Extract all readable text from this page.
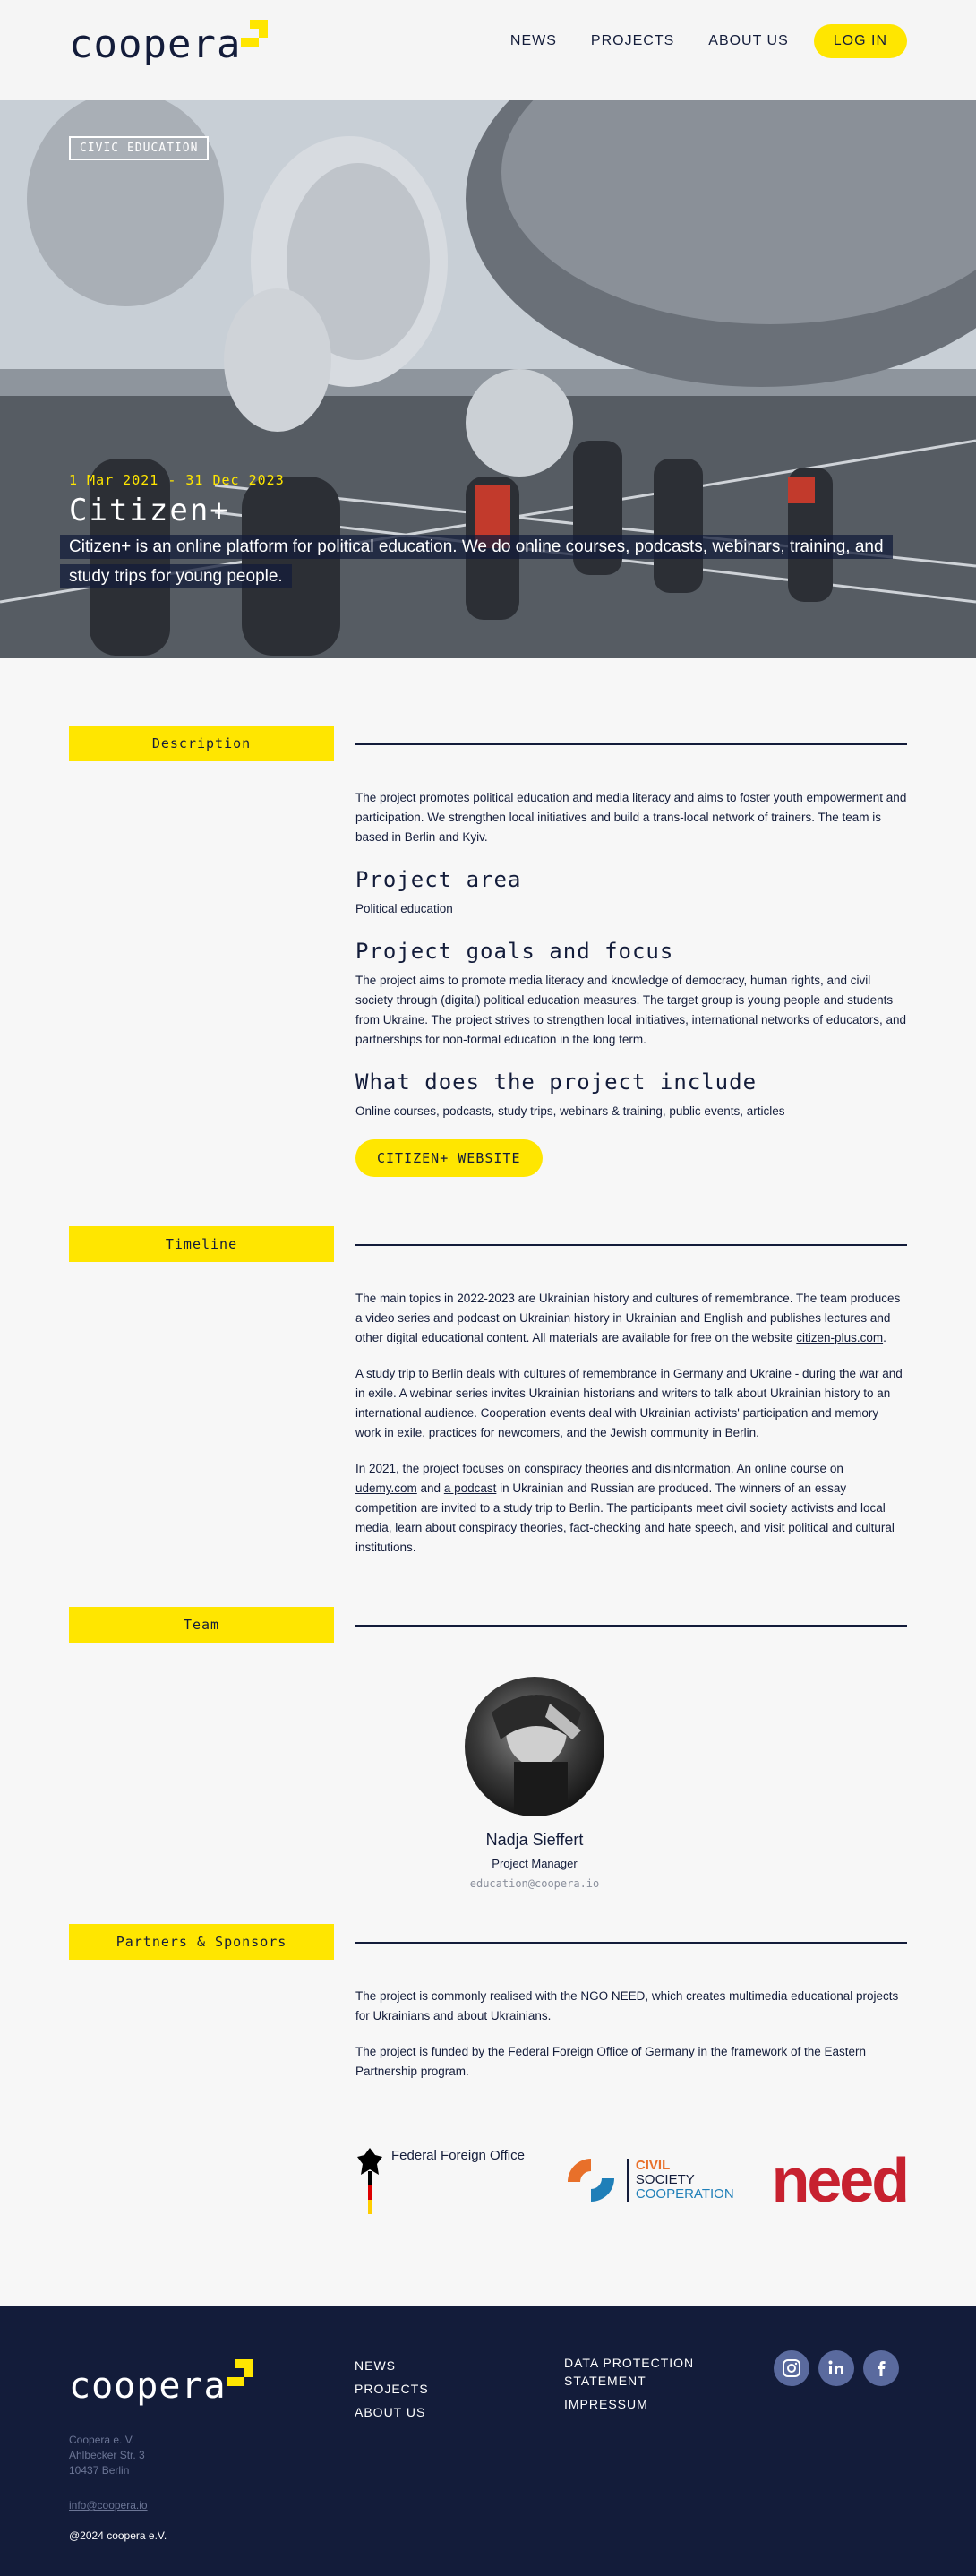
coopera	NEWS PROJECTS ABOUT US	LOG IN
CIVIC EDUCATION
1 Mar 2021 - 31 Dec 2023
Citizen+
Citizen+ is an online platform for political education. We do online courses, podcasts, webinars, training, and study trips for young people.
Description

The project promotes political education and media literacy and aims to foster youth empowerment and participation. We strengthen local initiatives and build a trans-local network of trainers. The team is based in Berlin and Kyiv.

Project area

Political education

Project goals and focus

The project aims to promote media literacy and knowledge of democracy, human rights, and civil society through (digital) political education measures. The target group is young people and students from Ukraine. The project strives to strengthen local initiatives, international networks of educators, and partnerships for non-formal education in the long term.

What does the project include

Online courses, podcasts, study trips, webinars & training, public events, articles

CITIZEN+ WEBSITE
Timeline

The main topics in 2022-2023 are Ukrainian history and cultures of remembrance. The team produces a video series and podcast on Ukrainian history in Ukrainian and English and publishes lectures and other digital educational content. All materials are available for free on the website citizen-plus.com.

A study trip to Berlin deals with cultures of remembrance in Germany and Ukraine - during the war and in exile. A webinar series invites Ukrainian historians and writers to talk about Ukrainian history to an international audience. Cooperation events deal with Ukrainian activists' participation and memory work in exile, practices for newcomers, and the Jewish community in Berlin.

In 2021, the project focuses on conspiracy theories and disinformation. An online course on udemy.com and a podcast in Ukrainian and Russian are produced. The winners of an essay competition are invited to a study trip to Berlin. The participants meet civil society activists and local media, learn about conspiracy theories, fact-checking and hate speech, and visit political and cultural institutions.

Team
Nadja Sieffert
Project Manager
education@coopera.io
Partners & Sponsors

The project is commonly realised with the NGO NEED, which creates multimedia educational projects for Ukrainians and about Ukrainians.

The project is funded by the Federal Foreign Office of Germany in the framework of the Eastern Partnership program.

Federal Foreign Office
CIVIL
SOCIETY
COOPERATION need
coopera
Coopera e. V.
Ahlbecker Str. 3
10437 Berlin
info@coopera.io
@2024 coopera e.V.
NEWS
PROJECTS
ABOUT US
DATA PROTECTION
STATEMENT
IMPRESSUM
